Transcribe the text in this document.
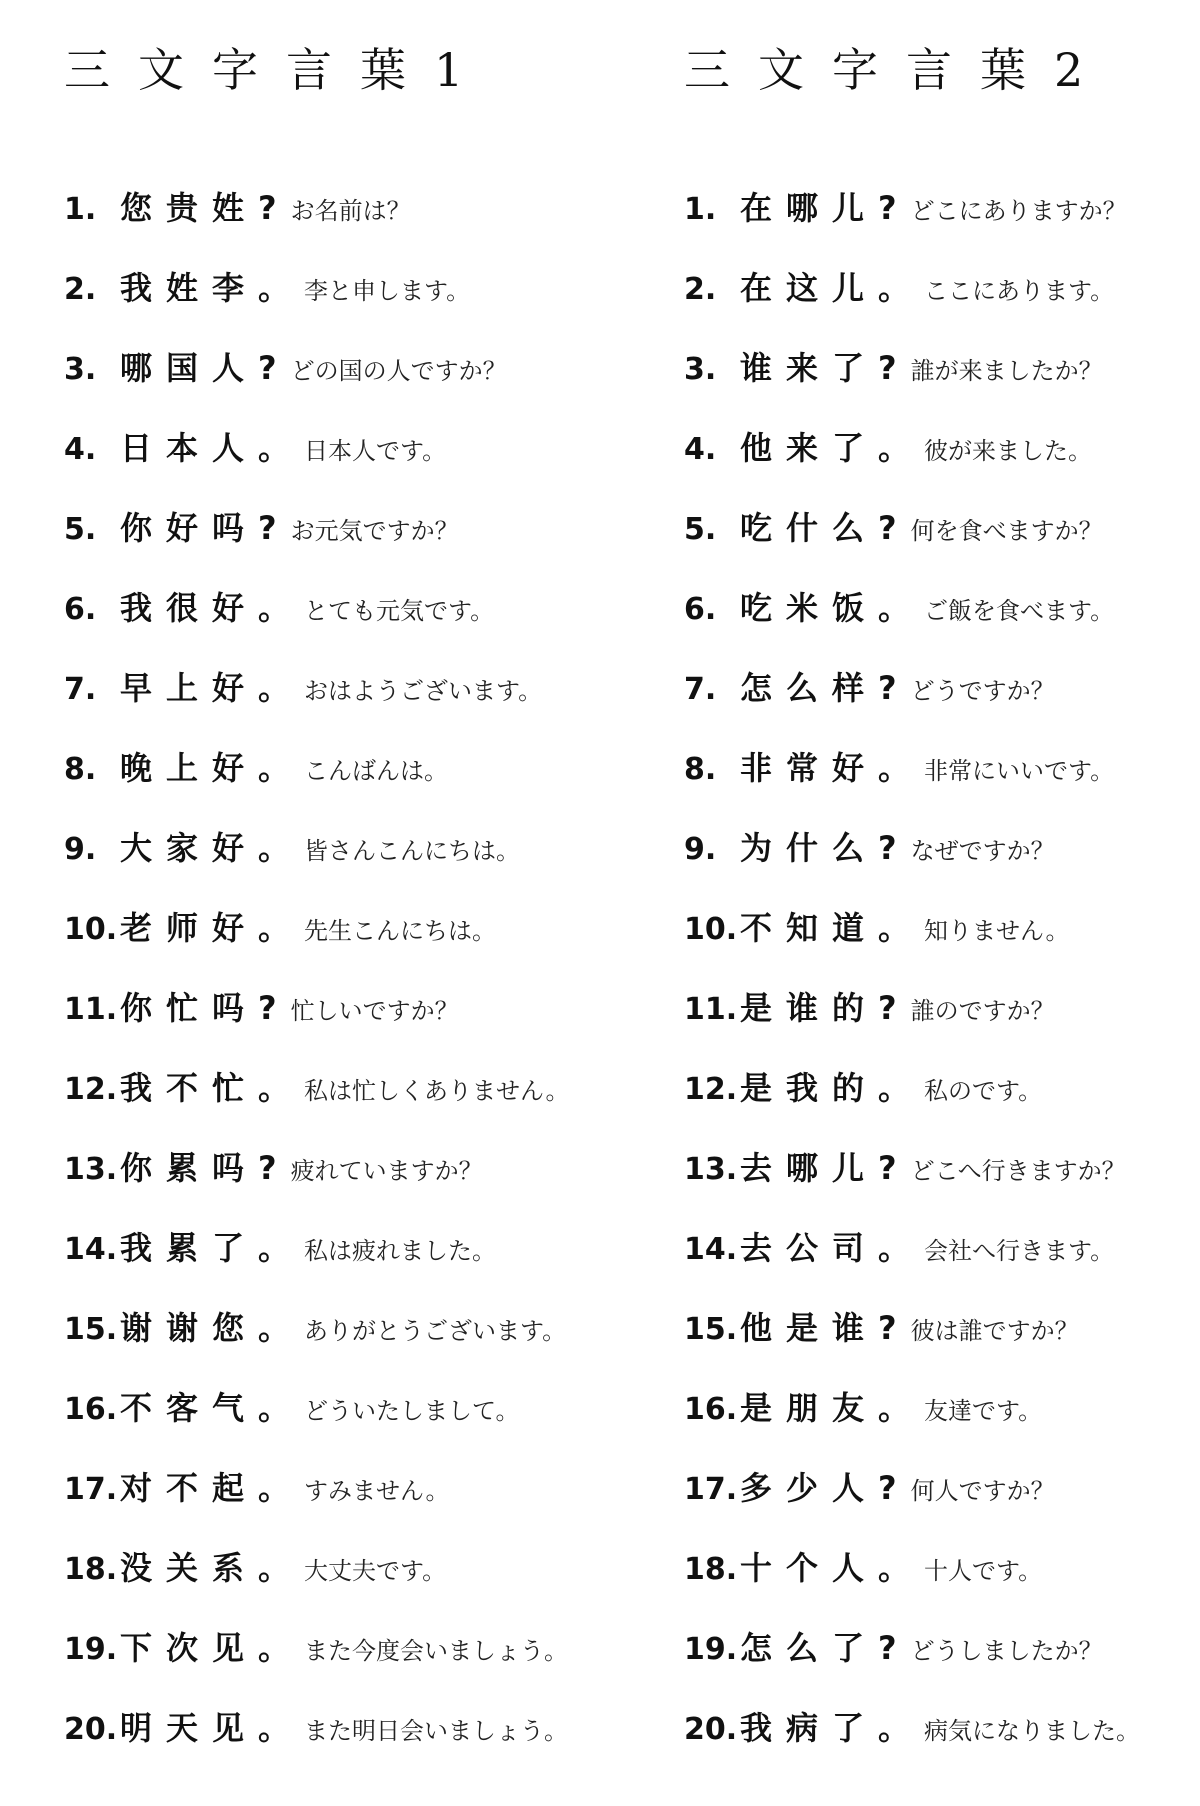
三文字言葉1
1. 您贵姓? お名前は？
2. 我姓李。 李と申します。
3. 哪国人? どの国の人ですか？
4. 日本人。 日本人です。
5. 你好吗? お元気ですか？
6. 我很好。 とても元気です。
7. 早上好。 おはようございます。
8. 晚上好。 こんばんは。
9. 大家好。 皆さんこんにちは。
10. 老师好。 先生こんにちは。
11. 你忙吗? 忙しいですか？
12. 我不忙。 私は忙しくありません。
13. 你累吗? 疲れていますか？
14. 我累了。 私は疲れました。
15. 谢谢您。 ありがとうございます。
16. 不客气。 どういたしまして。
17. 对不起。 すみません。
18. 没关系。 大丈夫です。
19. 下次见。 また今度会いましょう。
20. 明天见。 また明日会いましょう。
三文字言葉2
1. 在哪儿? どこにありますか？
2. 在这儿。 ここにあります。
3. 谁来了? 誰が来ましたか？
4. 他来了。 彼が来ました。
5. 吃什么? 何を食べますか？
6. 吃米饭。 ご飯を食べます。
7. 怎么样? どうですか？
8. 非常好。 非常にいいです。
9. 为什么? なぜですか？
10. 不知道。 知りません。
11. 是谁的? 誰のですか？
12. 是我的。 私のです。
13. 去哪儿? どこへ行きますか？
14. 去公司。 会社へ行きます。
15. 他是谁? 彼は誰ですか？
16. 是朋友。 友達です。
17. 多少人? 何人ですか？
18. 十个人。 十人です。
19. 怎么了? どうしましたか？
20. 我病了。 病気になりました。
